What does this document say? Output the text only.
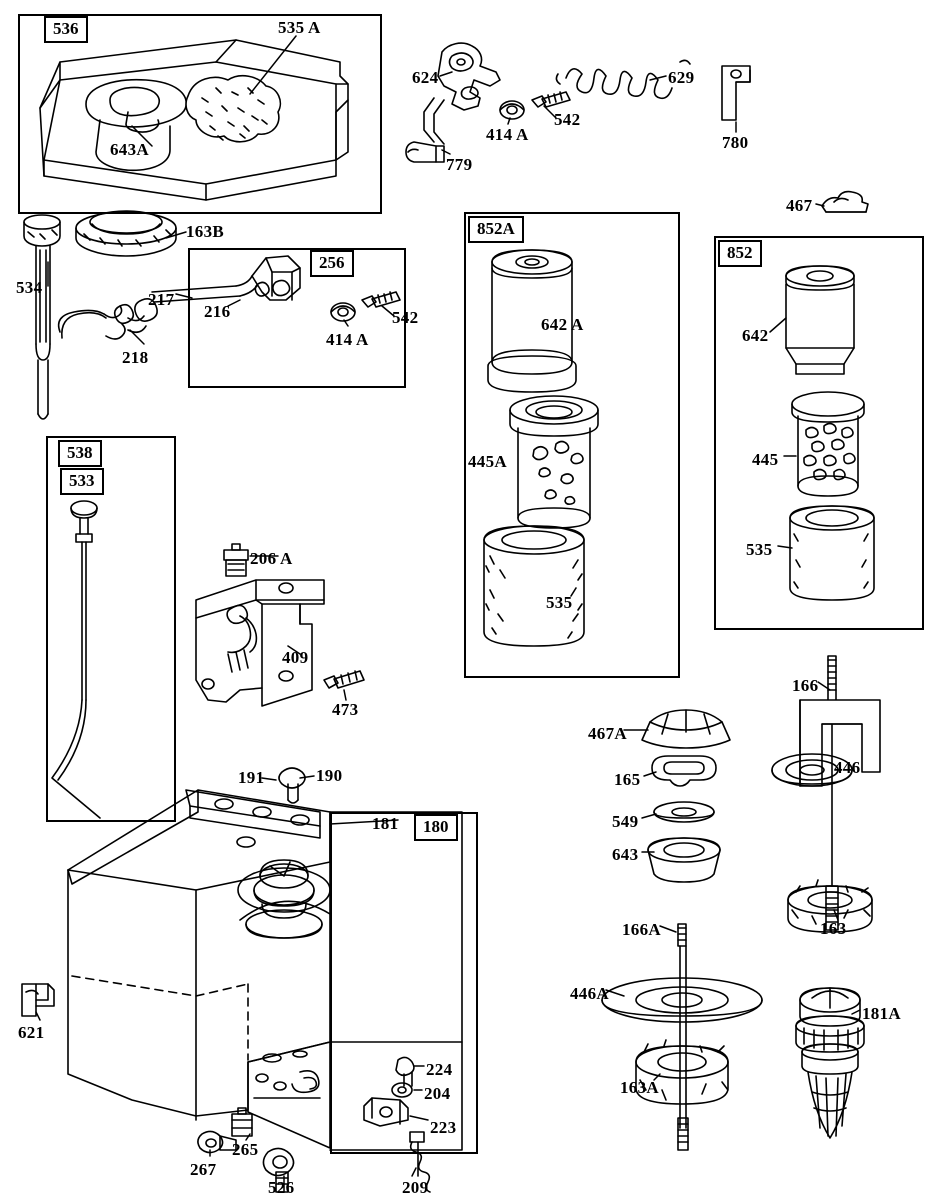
536
852A
852
538
533
256
180
535 A
643A
163B
534
624
414 A
542
629
780
779
467
217
216
218
414 A
542	642 A
445A
535
642
445
535
206 A
409
473
467A
165
549
643
166
446
163
166A
446A
163A
181A
191	190
181
621
224
204
223
265
267
526	209
